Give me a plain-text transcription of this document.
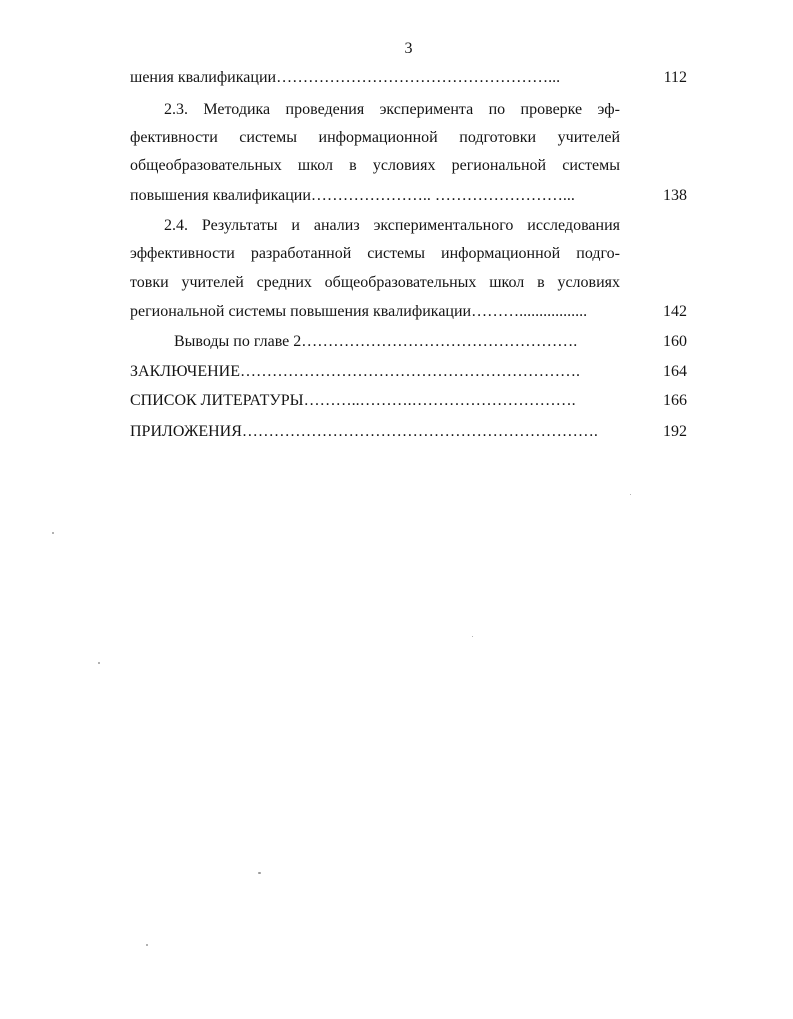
3
шения квалификации……………………………………………...	112
2.3. Методика проведения эксперимента по проверке эф-
фективности системы информационной подготовки учителей
общеобразовательных школ в условиях региональной системы
повышения квалификации………………….. ……………………...	138
2.4. Результаты и анализ экспериментального исследования
эффективности разработанной системы информационной подго-
товки учителей средних общеобразовательных школ в условиях
региональной системы повышения квалификации……….................	142
Выводы по главе 2…………………………………………….	160
ЗАКЛЮЧЕНИЕ……………………………………………………….	164
СПИСОК ЛИТЕРАТУРЫ………..……….………………………….	166
ПРИЛОЖЕНИЯ………………………………………………………….	192
